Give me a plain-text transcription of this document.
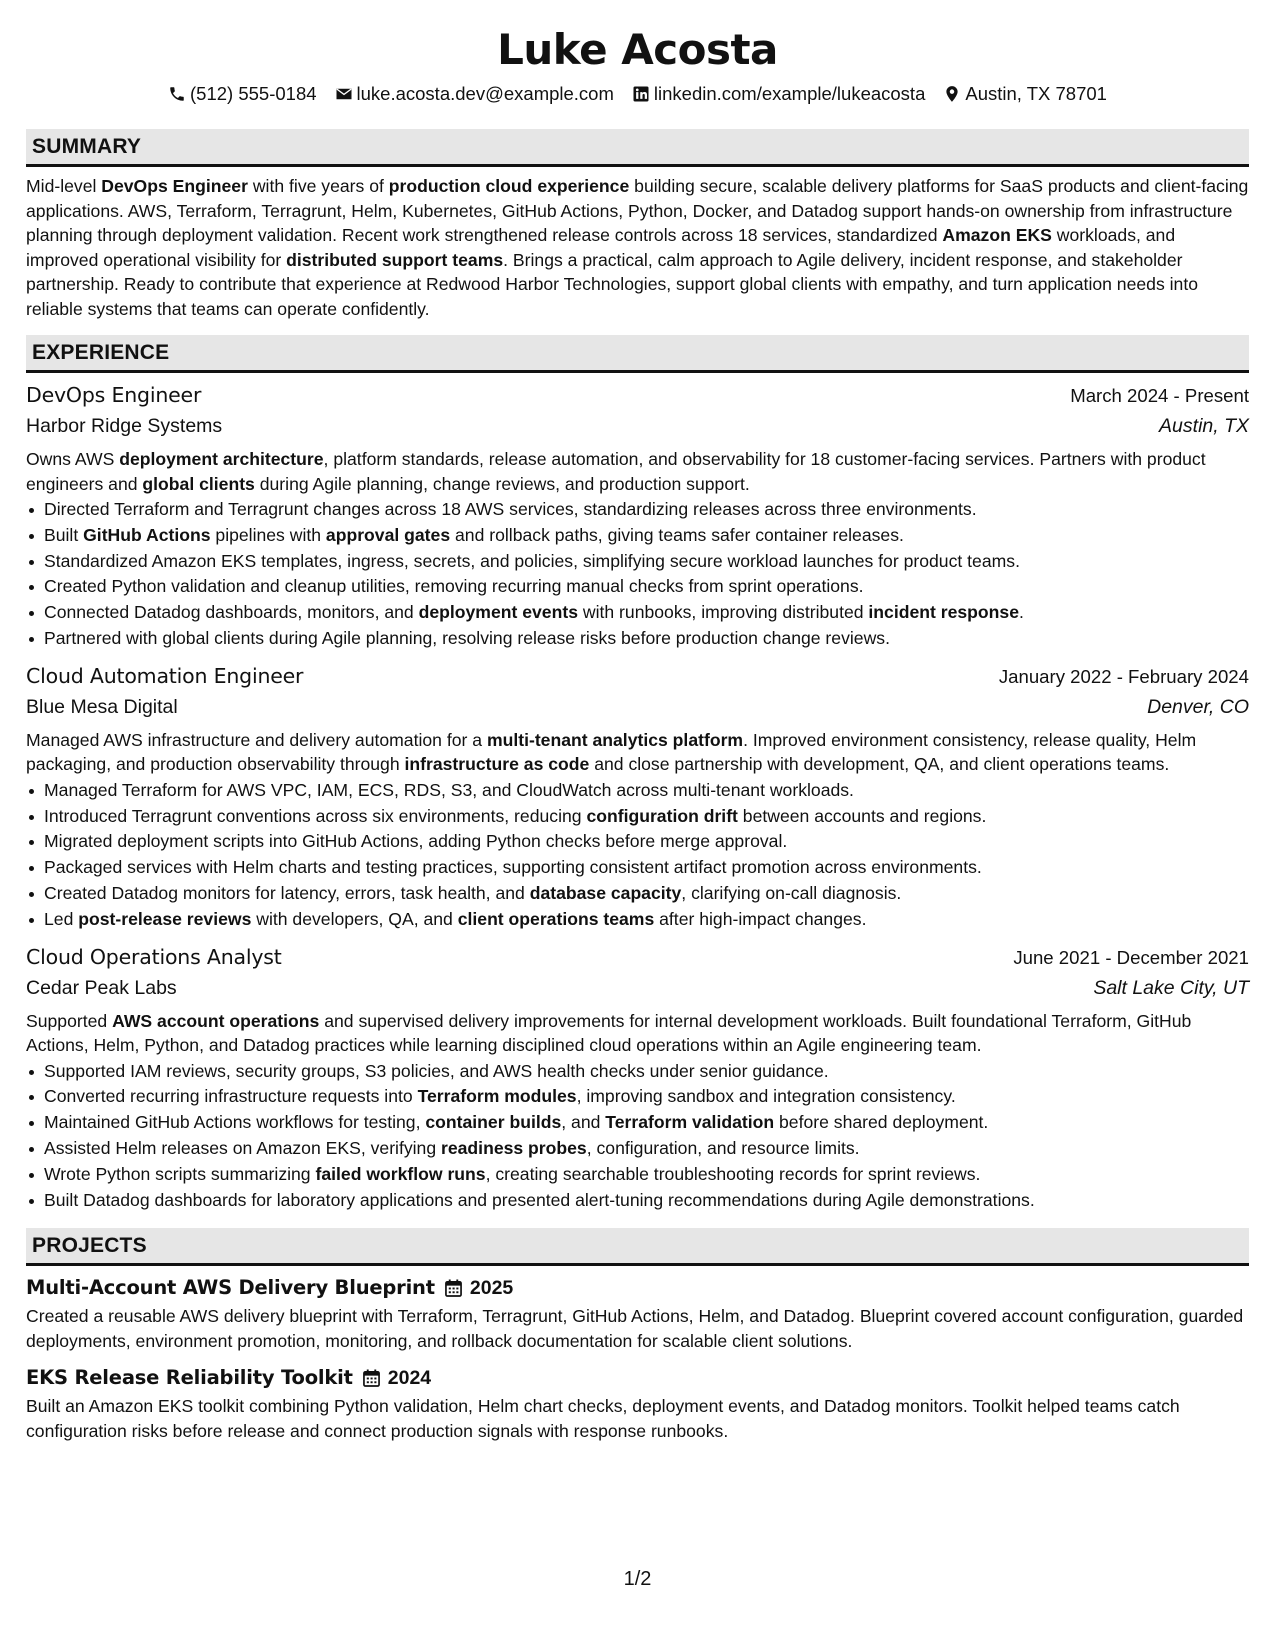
Luke Acosta
(512) 555-0184 luke.acosta.dev@example.com linkedin.com/example/lukeacosta Austin, TX 78701
SUMMARY
Mid-level DevOps Engineer with five years of production cloud experience building secure, scalable delivery platforms for SaaS products and client-facing applications. AWS, Terraform, Terragrunt, Helm, Kubernetes, GitHub Actions, Python, Docker, and Datadog support hands-on ownership from infrastructure planning through deployment validation. Recent work strengthened release controls across 18 services, standardized Amazon EKS workloads, and improved operational visibility for distributed support teams. Brings a practical, calm approach to Agile delivery, incident response, and stakeholder partnership. Ready to contribute that experience at Redwood Harbor Technologies, support global clients with empathy, and turn application needs into reliable systems that teams can operate confidently.
EXPERIENCE
DevOps Engineer	March 2024 - Present
Harbor Ridge Systems	Austin, TX
Owns AWS deployment architecture, platform standards, release automation, and observability for 18 customer-facing services. Partners with product engineers and global clients during Agile planning, change reviews, and production support.
Directed Terraform and Terragrunt changes across 18 AWS services, standardizing releases across three environments.
Built GitHub Actions pipelines with approval gates and rollback paths, giving teams safer container releases.
Standardized Amazon EKS templates, ingress, secrets, and policies, simplifying secure workload launches for product teams.
Created Python validation and cleanup utilities, removing recurring manual checks from sprint operations.
Connected Datadog dashboards, monitors, and deployment events with runbooks, improving distributed incident response.
Partnered with global clients during Agile planning, resolving release risks before production change reviews.
Cloud Automation Engineer	January 2022 - February 2024
Blue Mesa Digital	Denver, CO
Managed AWS infrastructure and delivery automation for a multi-tenant analytics platform. Improved environment consistency, release quality, Helm packaging, and production observability through infrastructure as code and close partnership with development, QA, and client operations teams.
Managed Terraform for AWS VPC, IAM, ECS, RDS, S3, and CloudWatch across multi-tenant workloads.
Introduced Terragrunt conventions across six environments, reducing configuration drift between accounts and regions.
Migrated deployment scripts into GitHub Actions, adding Python checks before merge approval.
Packaged services with Helm charts and testing practices, supporting consistent artifact promotion across environments.
Created Datadog monitors for latency, errors, task health, and database capacity, clarifying on-call diagnosis.
Led post-release reviews with developers, QA, and client operations teams after high-impact changes.
Cloud Operations Analyst	June 2021 - December 2021
Cedar Peak Labs	Salt Lake City, UT
Supported AWS account operations and supervised delivery improvements for internal development workloads. Built foundational Terraform, GitHub Actions, Helm, Python, and Datadog practices while learning disciplined cloud operations within an Agile engineering team.
Supported IAM reviews, security groups, S3 policies, and AWS health checks under senior guidance.
Converted recurring infrastructure requests into Terraform modules, improving sandbox and integration consistency.
Maintained GitHub Actions workflows for testing, container builds, and Terraform validation before shared deployment.
Assisted Helm releases on Amazon EKS, verifying readiness probes, configuration, and resource limits.
Wrote Python scripts summarizing failed workflow runs, creating searchable troubleshooting records for sprint reviews.
Built Datadog dashboards for laboratory applications and presented alert-tuning recommendations during Agile demonstrations.
PROJECTS
Multi-Account AWS Delivery Blueprint 2025
Created a reusable AWS delivery blueprint with Terraform, Terragrunt, GitHub Actions, Helm, and Datadog. Blueprint covered account configuration, guarded deployments, environment promotion, monitoring, and rollback documentation for scalable client solutions.
EKS Release Reliability Toolkit 2024
Built an Amazon EKS toolkit combining Python validation, Helm chart checks, deployment events, and Datadog monitors. Toolkit helped teams catch configuration risks before release and connect production signals with response runbooks.
1/2
